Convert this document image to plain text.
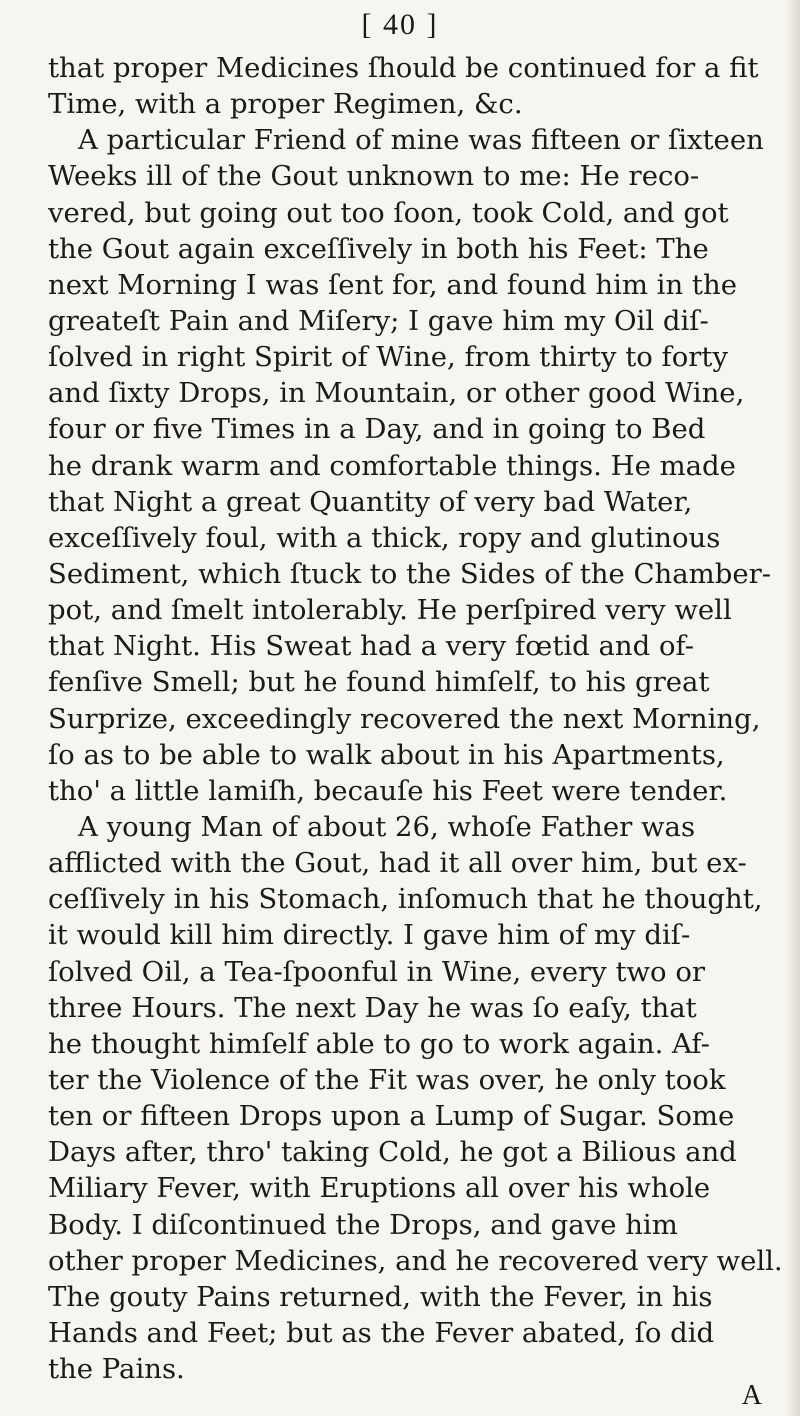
[ 40 ]
that proper Medicines ſhould be continued for a fit
Time, with a proper Regimen, &c.
A particular Friend of mine was fifteen or ſixteen
Weeks ill of the Gout unknown to me: He reco-
vered, but going out too ſoon, took Cold, and got
the Gout again exceſſively in both his Feet: The
next Morning I was ſent for, and found him in the
greateſt Pain and Miſery; I gave him my Oil diſ-
ſolved in right Spirit of Wine, from thirty to forty
and ſixty Drops, in Mountain, or other good Wine,
four or five Times in a Day, and in going to Bed
he drank warm and comfortable things. He made
that Night a great Quantity of very bad Water,
exceſſively foul, with a thick, ropy and glutinous
Sediment, which ſtuck to the Sides of the Chamber-
pot, and ſmelt intolerably. He perſpired very well
that Night. His Sweat had a very fœtid and of-
fenſive Smell; but he found himſelf, to his great
Surprize, exceedingly recovered the next Morning,
ſo as to be able to walk about in his Apartments,
tho' a little lamiſh, becauſe his Feet were tender.
A young Man of about 26, whoſe Father was
afflicted with the Gout, had it all over him, but ex-
ceſſively in his Stomach, inſomuch that he thought,
it would kill him directly. I gave him of my diſ-
ſolved Oil, a Tea-ſpoonful in Wine, every two or
three Hours. The next Day he was ſo eaſy, that
he thought himſelf able to go to work again. Af-
ter the Violence of the Fit was over, he only took
ten or fifteen Drops upon a Lump of Sugar. Some
Days after, thro' taking Cold, he got a Bilious and
Miliary Fever, with Eruptions all over his whole
Body. I diſcontinued the Drops, and gave him
other proper Medicines, and he recovered very well.
The gouty Pains returned, with the Fever, in his
Hands and Feet; but as the Fever abated, ſo did
the Pains.
A
